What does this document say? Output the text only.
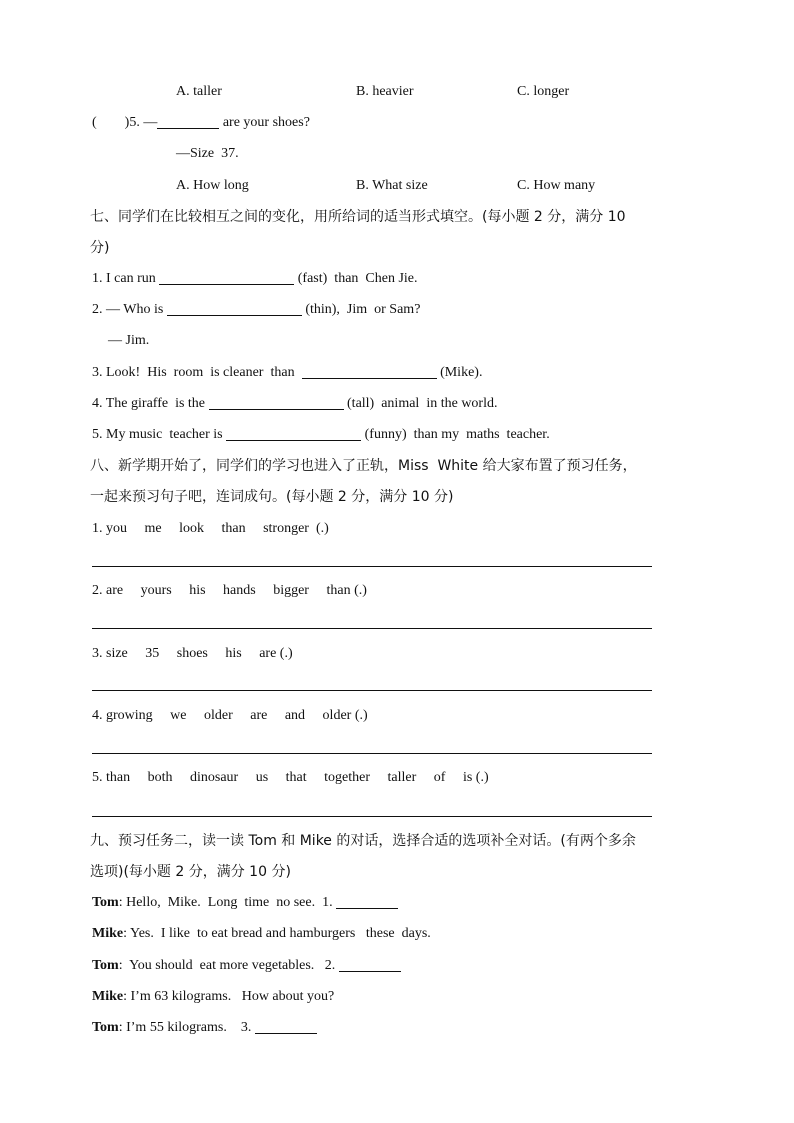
A. taller	B. heavier	C. longer
(        )5. —	are your shoes?
—Size  37.
A. How long	B. What size	C. How many
七、同学们在比较相互之间的变化，用所给词的适当形式填空。(每小题 2 分，满分 10
分)
1. I can run	(fast)  than  Chen Jie.
2. — Who is	(thin),  Jim  or Sam?
— Jim.
3. Look!  His  room  is cleaner  than	(Mike).
4. The giraffe  is the	(tall)  animal  in the world.
5. My music  teacher is	(funny)  than my  maths  teacher.
八、新学期开始了，同学们的学习也进入了正轨，Miss  White 给大家布置了预习任务，
一起来预习句子吧，连词成句。(每小题 2 分，满分 10 分)
1. you     me     look     than     stronger  (.)
2. are     yours     his     hands     bigger     than (.)
3. size     35     shoes     his     are (.)
4. growing     we     older     are     and     older (.)
5. than     both     dinosaur     us     that     together     taller     of     is (.)
九、预习任务二，读一读 Tom 和 Mike 的对话，选择合适的选项补全对话。(有两个多余
选项)(每小题 2 分，满分 10 分)
Tom: Hello,  Mike.  Long  time  no see.  1.
Mike: Yes.  I like  to eat bread and hamburgers   these  days.
Tom:  You should  eat more vegetables.   2.
Mike: I’m 63 kilograms.   How about you?
Tom: I’m 55 kilograms.    3.
